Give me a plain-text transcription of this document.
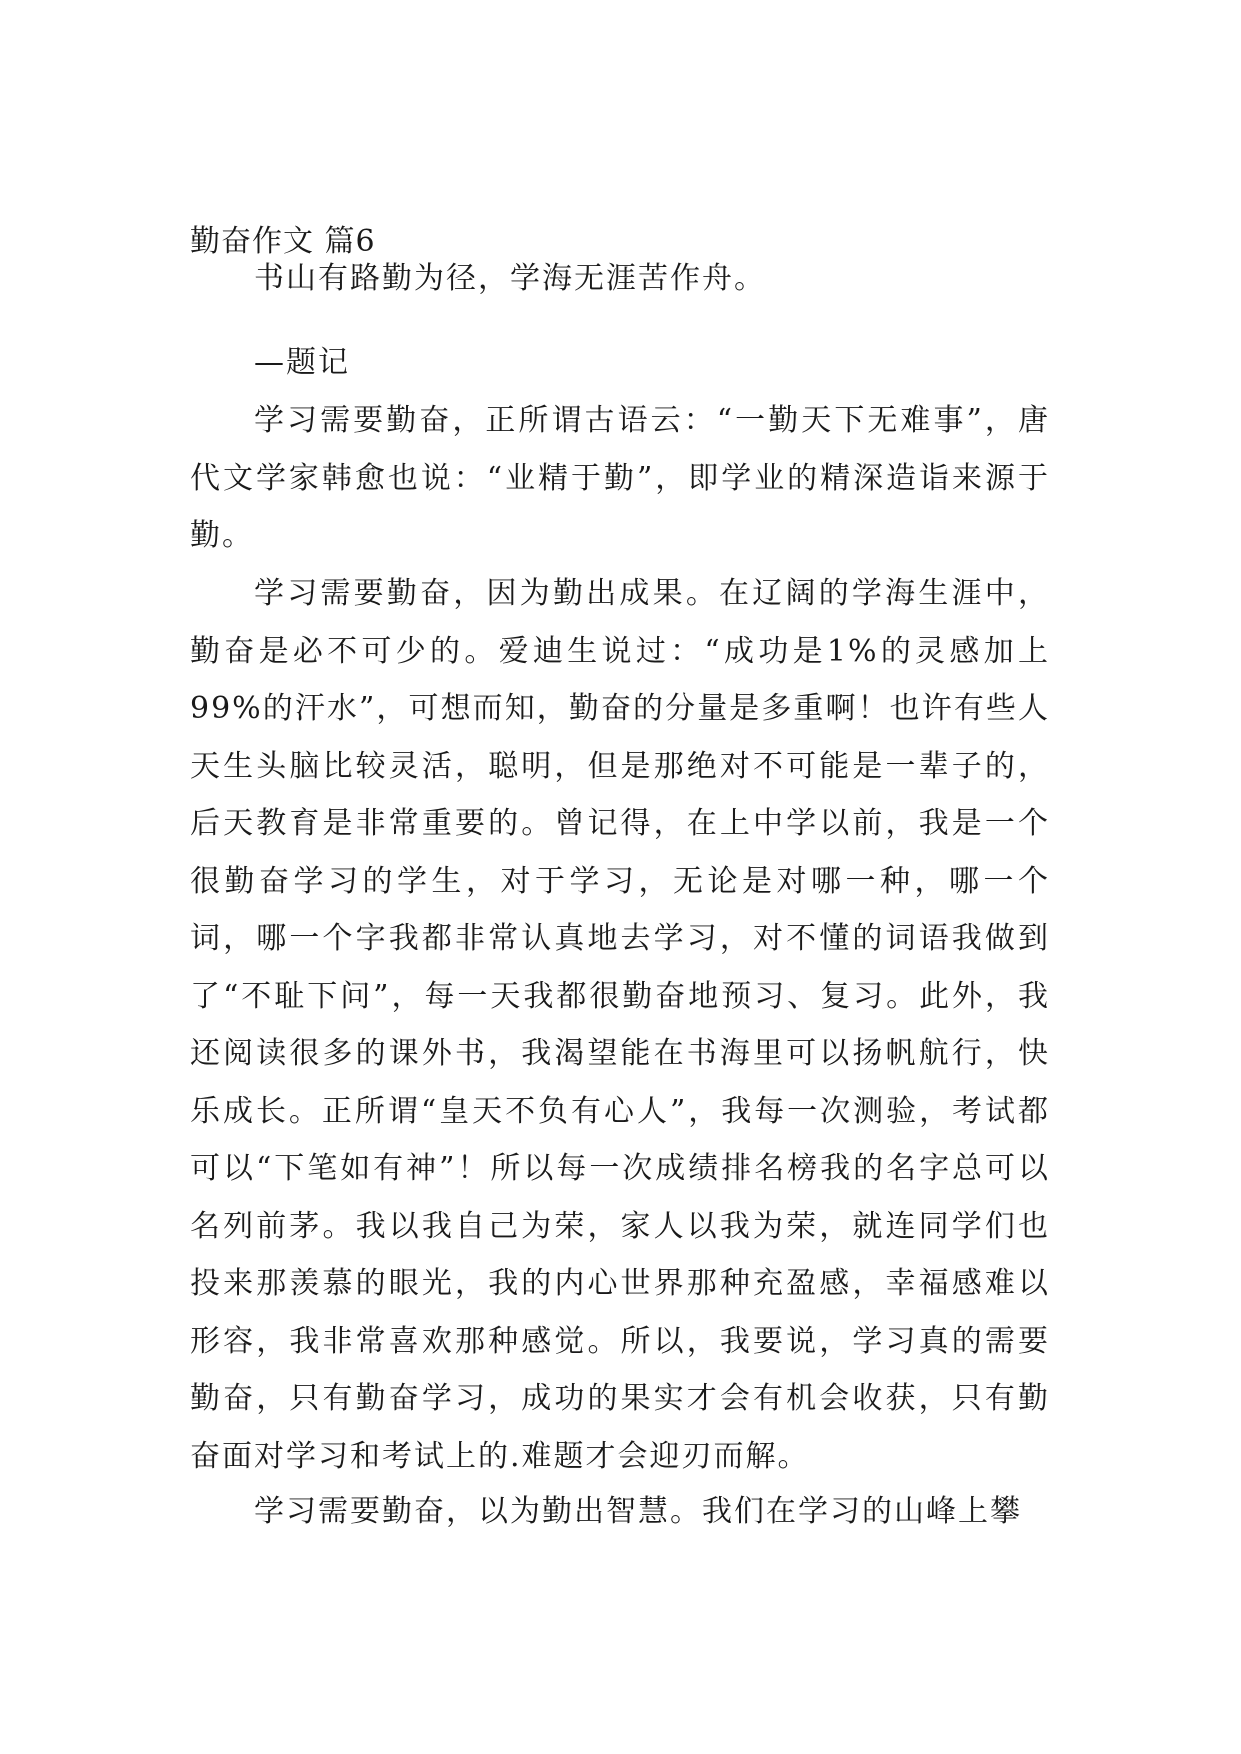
勤奋作文 篇6
书山有路勤为径，学海无涯苦作舟。
—题记
学习需要勤奋，正所谓古语云：“一勤天下无难事”，唐代文学家韩愈也说：“业精于勤”，即学业的精深造诣来源于勤。
学习需要勤奋，因为勤出成果。在辽阔的学海生涯中，勤奋是必不可少的。爱迪生说过：“成功是1%的灵感加上99%的汗水”，可想而知，勤奋的分量是多重啊！也许有些人天生头脑比较灵活，聪明，但是那绝对不可能是一辈子的，后天教育是非常重要的。曾记得，在上中学以前，我是一个很勤奋学习的学生，对于学习，无论是对哪一种，哪一个词，哪一个字我都非常认真地去学习，对不懂的词语我做到了“不耻下问”，每一天我都很勤奋地预习、复习。此外，我还阅读很多的课外书，我渴望能在书海里可以扬帆航行，快乐成长。正所谓“皇天不负有心人”，我每一次测验，考试都可以“下笔如有神”！所以每一次成绩排名榜我的名字总可以名列前茅。我以我自己为荣，家人以我为荣，就连同学们也投来那羡慕的眼光，我的内心世界那种充盈感，幸福感难以形容，我非常喜欢那种感觉。所以，我要说，学习真的需要勤奋，只有勤奋学习，成功的果实才会有机会收获，只有勤奋面对学习和考试上的.难题才会迎刃而解。
学习需要勤奋，以为勤出智慧。我们在学习的山峰上攀
